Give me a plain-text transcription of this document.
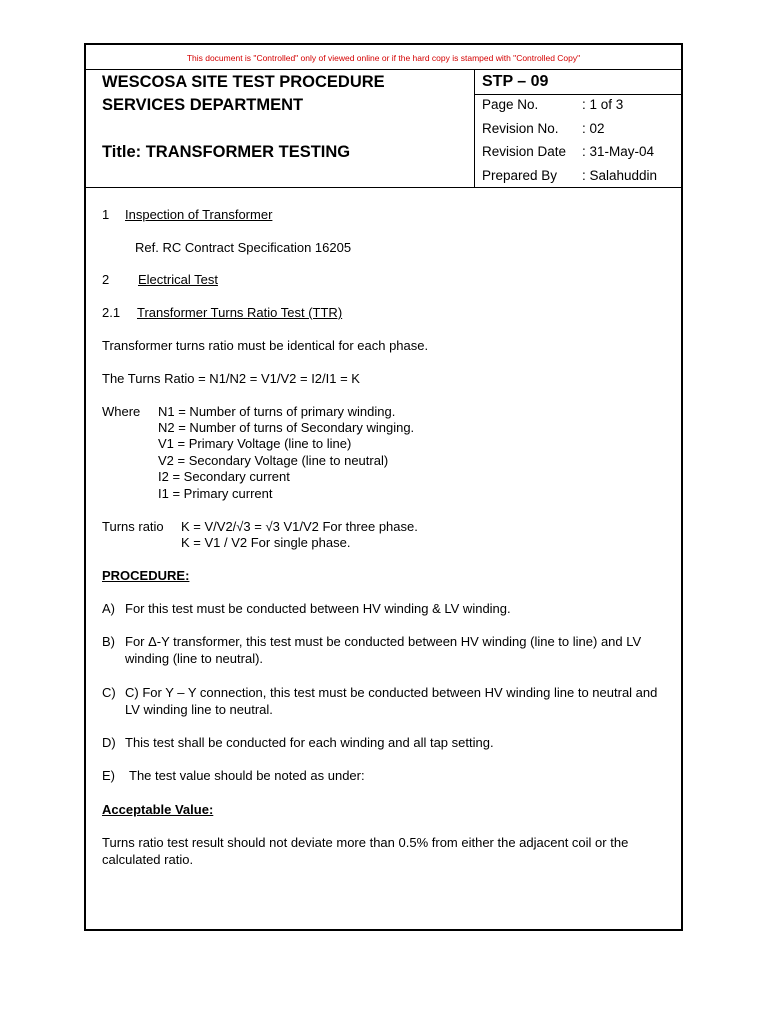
This document is "Controlled" only of viewed online or if the hard copy is stamped with "Controlled Copy"
WESCOSA SITE TEST PROCEDURE
SERVICES DEPARTMENT
Title: TRANSFORMER TESTING
STP – 09
Page No.	: 1 of 3
Revision No. : 02
Revision Date : 31-May-04
Prepared By : Salahuddin
1 Inspection of Transformer
Ref. RC Contract Specification 16205
2 Electrical Test
2.1 Transformer Turns Ratio Test (TTR)
Transformer turns ratio must be identical for each phase.
The Turns Ratio = N1/N2 = V1/V2 = I2/I1 = K
Where N1 = Number of turns of primary winding.
N2 = Number of turns of Secondary winging.
V1 = Primary Voltage (line to line)
V2 = Secondary Voltage (line to neutral)
I2 = Secondary current
I1 = Primary current
Turns ratio K = V/V2/√3 = √3 V1/V2 For three phase.
K = V1 / V2 For single phase.
PROCEDURE:
A) For this test must be conducted between HV winding & LV winding.
B) For Δ-Y transformer, this test must be conducted between HV winding (line to line) and LV winding (line to neutral).
C) C) For Y – Y connection, this test must be conducted between HV winding line to neutral and LV winding line to neutral.
D) This test shall be conducted for each winding and all tap setting.
E) The test value should be noted as under:
Acceptable Value:
Turns ratio test result should not deviate more than 0.5% from either the adjacent coil or the calculated ratio.
